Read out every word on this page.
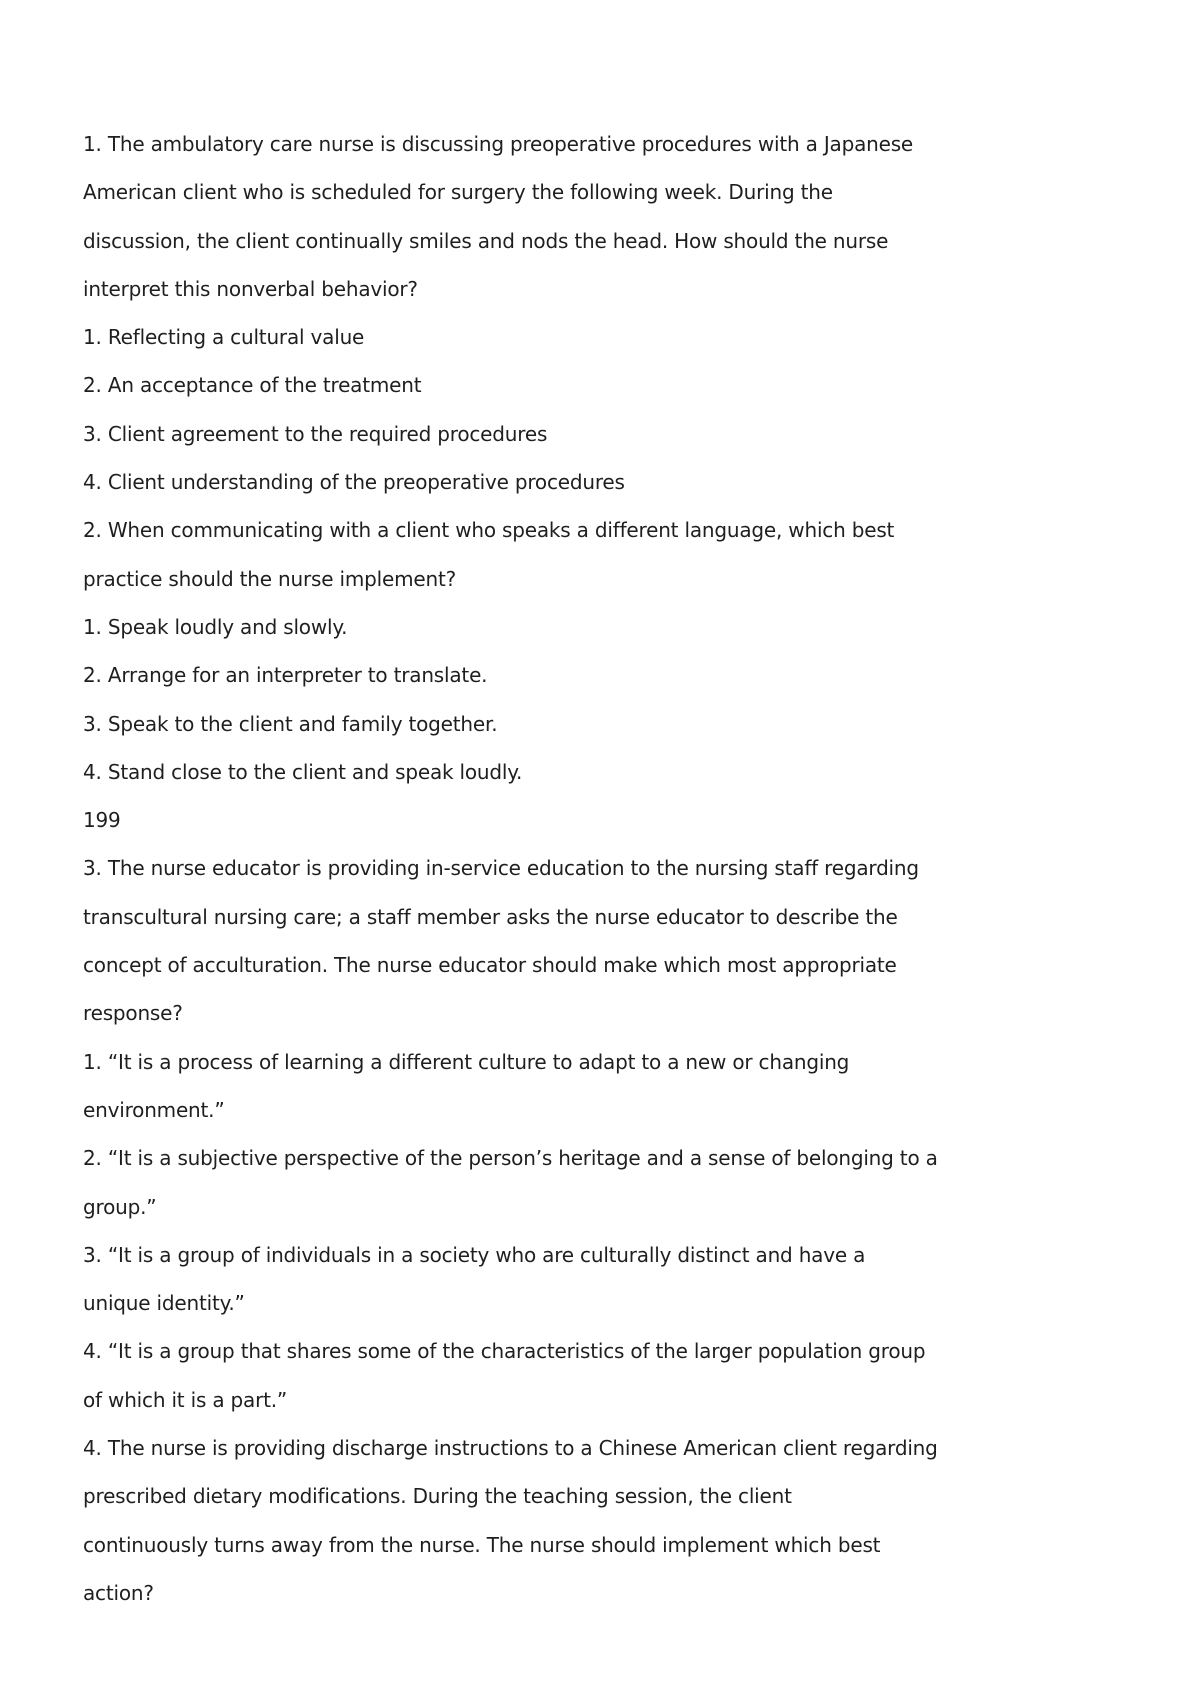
1. The ambulatory care nurse is discussing preoperative procedures with a Japanese
American client who is scheduled for surgery the following week. During the
discussion, the client continually smiles and nods the head. How should the nurse
interpret this nonverbal behavior?
1. Reflecting a cultural value
2. An acceptance of the treatment
3. Client agreement to the required procedures
4. Client understanding of the preoperative procedures
2. When communicating with a client who speaks a different language, which best
practice should the nurse implement?
1. Speak loudly and slowly.
2. Arrange for an interpreter to translate.
3. Speak to the client and family together.
4. Stand close to the client and speak loudly.
199
3. The nurse educator is providing in-service education to the nursing staff regarding
transcultural nursing care; a staff member asks the nurse educator to describe the
concept of acculturation. The nurse educator should make which most appropriate
response?
1. “It is a process of learning a different culture to adapt to a new or changing
environment.”
2. “It is a subjective perspective of the person’s heritage and a sense of belonging to a
group.”
3. “It is a group of individuals in a society who are culturally distinct and have a
unique identity.”
4. “It is a group that shares some of the characteristics of the larger population group
of which it is a part.”
4. The nurse is providing discharge instructions to a Chinese American client regarding
prescribed dietary modifications. During the teaching session, the client
continuously turns away from the nurse. The nurse should implement which best
action?
